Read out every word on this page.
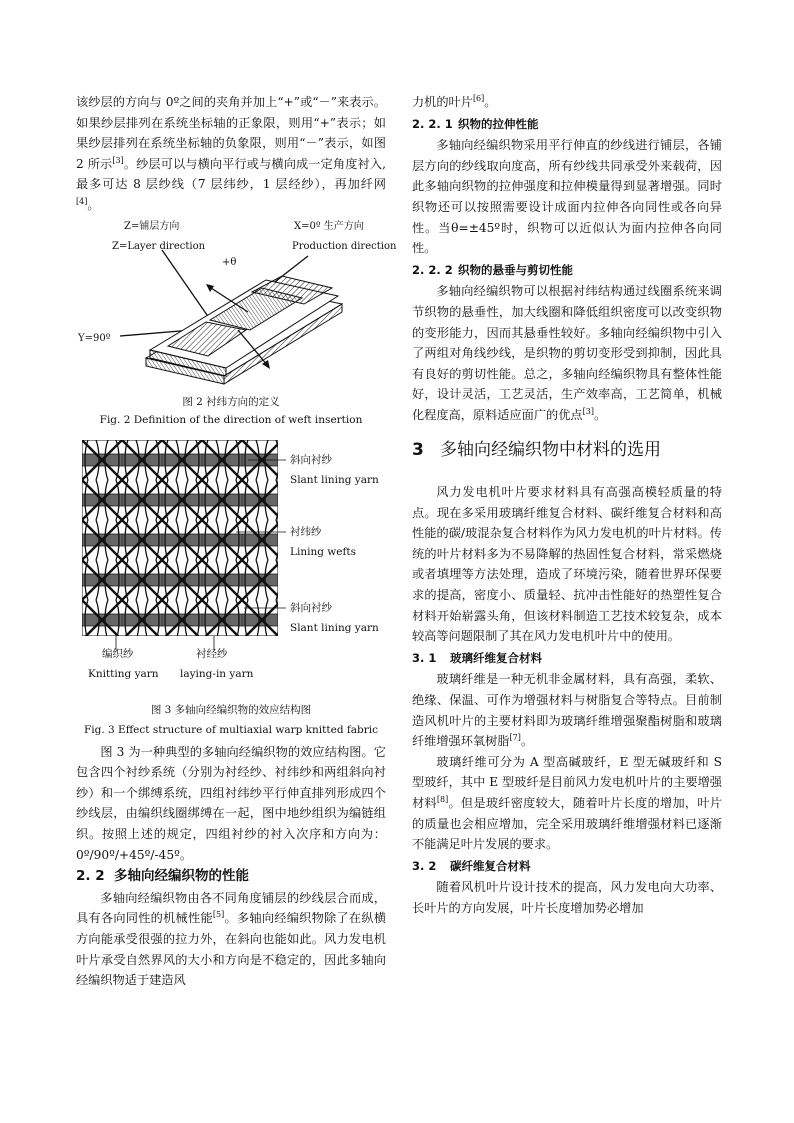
该纱层的方向与 0º之间的夹角并加上“+”或“－”来表示。如果纱层排列在系统坐标轴的正象限，则用“+”表示；如果纱层排列在系统坐标轴的负象限，则用“－”表示，如图 2 所示[3]。纱层可以与横向平行或与横向成一定角度衬入,最多可达 8 层纱线（7 层纬纱，1 层经纱），再加纤网[4]。

Z=铺层方向
Z=Layer direction
X=0º 生产方向
Production direction
+θ
Y=90º
图 2 衬纬方向的定义
Fig. 2 Definition of the direction of weft insertion
斜向衬纱
Slant lining yarn
衬纬纱
Lining wefts
斜向衬纱
Slant lining yarn
编织纱
Knitting yarn
衬经纱
laying-in yarn
图 3 多轴向经编织物的效应结构图
Fig. 3 Effect structure of multiaxial warp knitted fabric

图 3 为一种典型的多轴向经编织物的效应结构图。它包含四个衬纱系统（分别为衬经纱、衬纬纱和两组斜向衬纱）和一个绑缚系统，四组衬纬纱平行伸直排列形成四个纱线层，由编织线圈绑缚在一起，图中地纱组织为编链组织。按照上述的规定，四组衬纱的衬入次序和方向为：0º/90º/+45º/-45º。

2. 2 多轴向经编织物的性能

多轴向经编织物由各不同角度铺层的纱线层合而成，具有各向同性的机械性能[5]。多轴向经编织物除了在纵横方向能承受很强的拉力外，在斜向也能如此。风力发电机叶片承受自然界风的大小和方向是不稳定的，因此多轴向经编织物适于建造风

力机的叶片[6]。

2. 2. 1 织物的拉伸性能

多轴向经编织物采用平行伸直的纱线进行铺层，各铺层方向的纱线取向度高，所有纱线共同承受外来载荷，因此多轴向织物的拉伸强度和拉伸模量得到显著增强。同时织物还可以按照需要设计成面内拉伸各向同性或各向异性。当θ=±45º时，织物可以近似认为面内拉伸各向同性。

2. 2. 2 织物的悬垂与剪切性能

多轴向经编织物可以根据衬纬结构通过线圈系统来调节织物的悬垂性，加大线圈和降低组织密度可以改变织物的变形能力，因而其悬垂性较好。多轴向经编织物中引入了两组对角线纱线，是织物的剪切变形受到抑制，因此具有良好的剪切性能。总之，多轴向经编织物具有整体性能好，设计灵活，工艺灵活，生产效率高，工艺简单，机械化程度高，原料适应面广的优点[3]。

3 多轴向经编织物中材料的选用

风力发电机叶片要求材料具有高强高模轻质量的特点。现在多采用玻璃纤维复合材料、碳纤维复合材料和高性能的碳/玻混杂复合材料作为风力发电机的叶片材料。传统的叶片材料多为不易降解的热固性复合材料，常采燃烧或者填埋等方法处理，造成了环境污染，随着世界环保要求的提高，密度小、质量轻、抗冲击性能好的热塑性复合材料开始崭露头角，但该材料制造工艺技术较复杂，成本较高等问题限制了其在风力发电机叶片中的使用。

3. 1 玻璃纤维复合材料

玻璃纤维是一种无机非金属材料，具有高强，柔软、绝缘、保温、可作为增强材料与树脂复合等特点。目前制造风机叶片的主要材料即为玻璃纤维增强聚酯树脂和玻璃纤维增强环氧树脂[7]。

玻璃纤维可分为 A 型高碱玻纤，E 型无碱玻纤和 S 型玻纤，其中 E 型玻纤是目前风力发电机叶片的主要增强材料[8]。但是玻纤密度较大，随着叶片长度的增加，叶片的质量也会相应增加，完全采用玻璃纤维增强材料已逐渐不能满足叶片发展的要求。

3. 2 碳纤维复合材料

随着风机叶片设计技术的提高，风力发电向大功率、长叶片的方向发展，叶片长度增加势必增加
